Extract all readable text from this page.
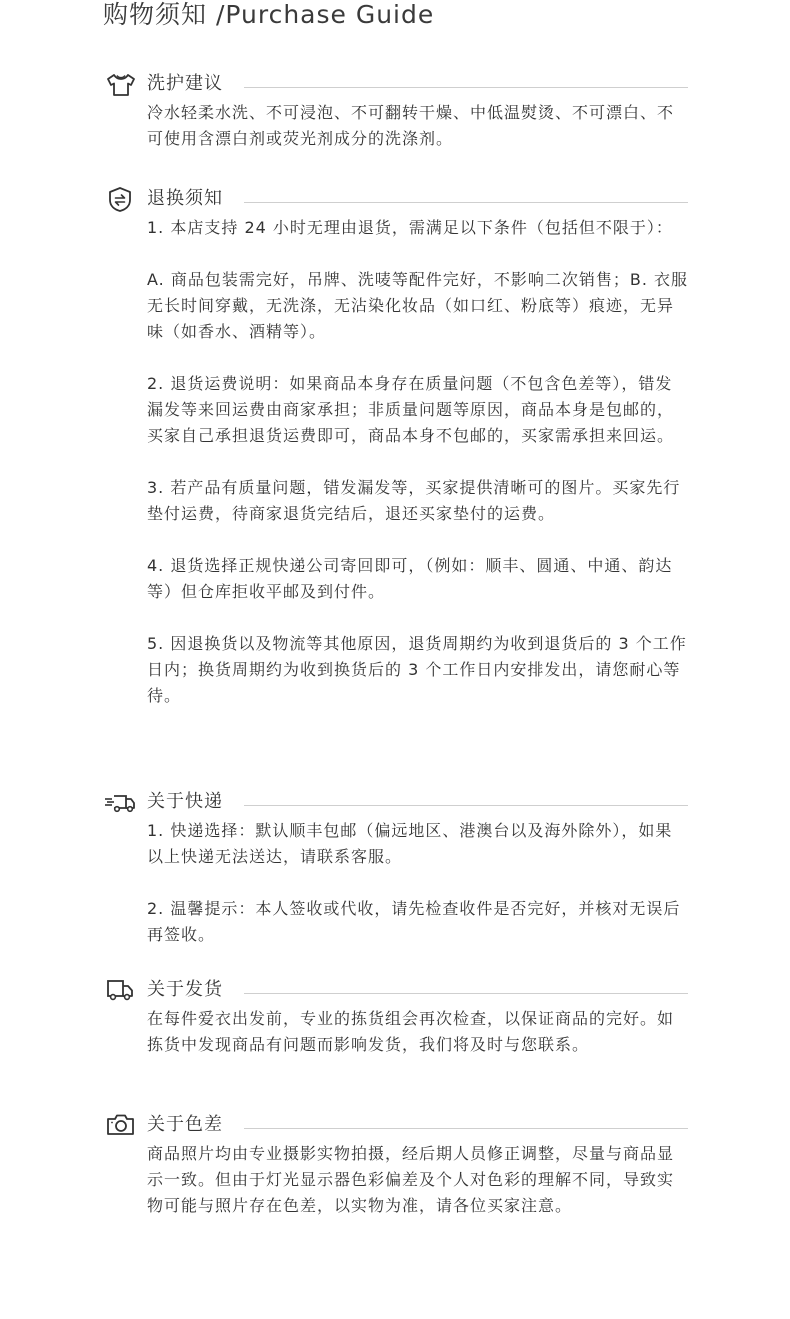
购物须知 /Purchase Guide
洗护建议

冷水轻柔水洗、不可浸泡、不可翻转干燥、中低温熨烫、不可漂白、不可使用含漂白剂或荧光剂成分的洗涤剂。

退换须知

1. 本店支持 24 小时无理由退货，需满足以下条件（包括但不限于）：

A. 商品包装需完好，吊牌、洗唛等配件完好，不影响二次销售；B. 衣服无长时间穿戴，无洗涤，无沾染化妆品（如口红、粉底等）痕迹，无异味（如香水、酒精等）。

2. 退货运费说明：如果商品本身存在质量问题（不包含色差等），错发漏发等来回运费由商家承担；非质量问题等原因，商品本身是包邮的，买家自己承担退货运费即可，商品本身不包邮的，买家需承担来回运。

3. 若产品有质量问题，错发漏发等，买家提供清晰可的图片。买家先行垫付运费，待商家退货完结后，退还买家垫付的运费。

4. 退货选择正规快递公司寄回即可，（例如：顺丰、圆通、中通、韵达等）但仓库拒收平邮及到付件。

5. 因退换货以及物流等其他原因，退货周期约为收到退货后的 3 个工作日内；换货周期约为收到换货后的 3 个工作日内安排发出，请您耐心等待。

关于快递

1. 快递选择：默认顺丰包邮（偏远地区、港澳台以及海外除外），如果以上快递无法送达，请联系客服。

2. 温馨提示：本人签收或代收，请先检查收件是否完好，并核对无误后再签收。

关于发货

在每件爱衣出发前，专业的拣货组会再次检查，以保证商品的完好。如拣货中发现商品有问题而影响发货，我们将及时与您联系。

关于色差

商品照片均由专业摄影实物拍摄，经后期人员修正调整，尽量与商品显示一致。但由于灯光显示器色彩偏差及个人对色彩的理解不同，导致实物可能与照片存在色差，以实物为准，请各位买家注意。
